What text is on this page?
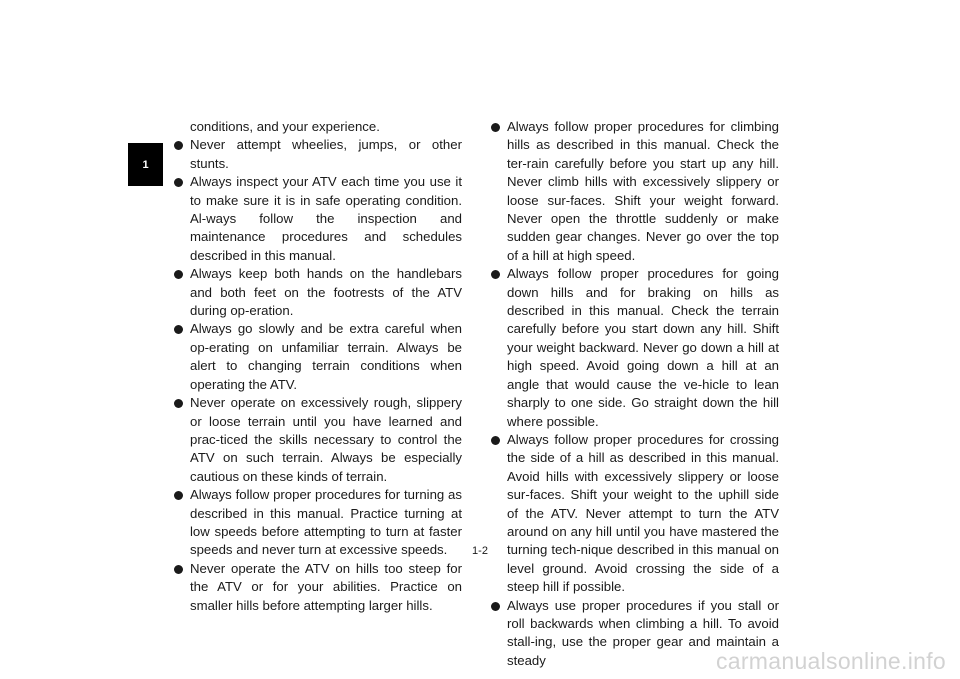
1

conditions, and your experience.

Never attempt wheelies, jumps, or other stunts.
Always inspect your ATV each time you use it to make sure it is in safe operating condition. Al-ways follow the inspection and maintenance procedures and schedules described in this manual.
Always keep both hands on the handlebars and both feet on the footrests of the ATV during op-eration.
Always go slowly and be extra careful when op-erating on unfamiliar terrain. Always be alert to changing terrain conditions when operating the ATV.
Never operate on excessively rough, slippery or loose terrain until you have learned and prac-ticed the skills necessary to control the ATV on such terrain. Always be especially cautious on these kinds of terrain.
Always follow proper procedures for turning as described in this manual. Practice turning at low speeds before attempting to turn at faster speeds and never turn at excessive speeds.
Never operate the ATV on hills too steep for the ATV or for your abilities. Practice on smaller hills before attempting larger hills.
Always follow proper procedures for climbing hills as described in this manual. Check the ter-rain carefully before you start up any hill. Never climb hills with excessively slippery or loose sur-faces. Shift your weight forward. Never open the throttle suddenly or make sudden gear changes. Never go over the top of a hill at high speed.
Always follow proper procedures for going down hills and for braking on hills as described in this manual. Check the terrain carefully before you start down any hill. Shift your weight backward. Never go down a hill at high speed. Avoid going down a hill at an angle that would cause the ve-hicle to lean sharply to one side. Go straight down the hill where possible.
Always follow proper procedures for crossing the side of a hill as described in this manual. Avoid hills with excessively slippery or loose sur-faces. Shift your weight to the uphill side of the ATV. Never attempt to turn the ATV around on any hill until you have mastered the turning tech-nique described in this manual on level ground. Avoid crossing the side of a steep hill if possible.
Always use proper procedures if you stall or roll backwards when climbing a hill. To avoid stall-ing, use the proper gear and maintain a steady
1-2
carmanualsonline.info
